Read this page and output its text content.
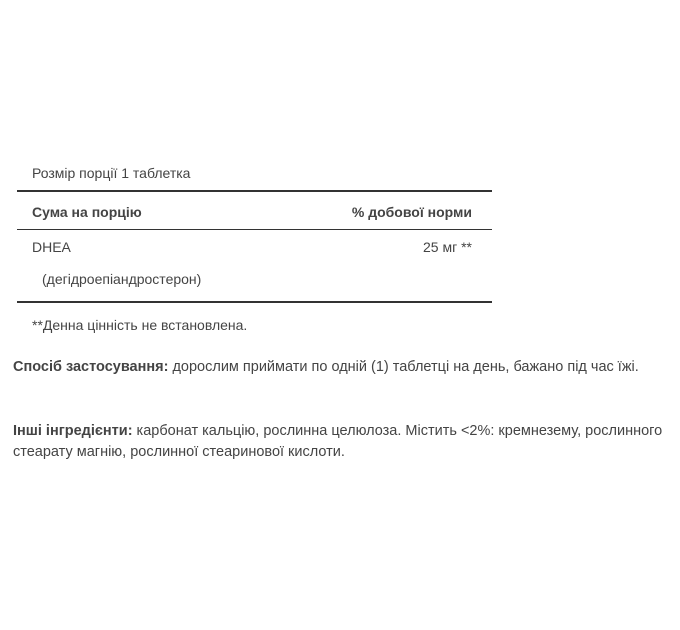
Розмір порції 1 таблетка
Сума на порцію	% добової норми
DHEA	25 мг **
(дегідроепіандростерон)
**Денна цінність не встановлена.
Спосіб застосування: дорослим приймати по одній (1) таблетці на день, бажано під час їжі.
Інші інгредієнти: карбонат кальцію, рослинна целюлоза. Містить <2%: кремнезему, рослинного стеарату магнію, рослинної стеаринової кислоти.
